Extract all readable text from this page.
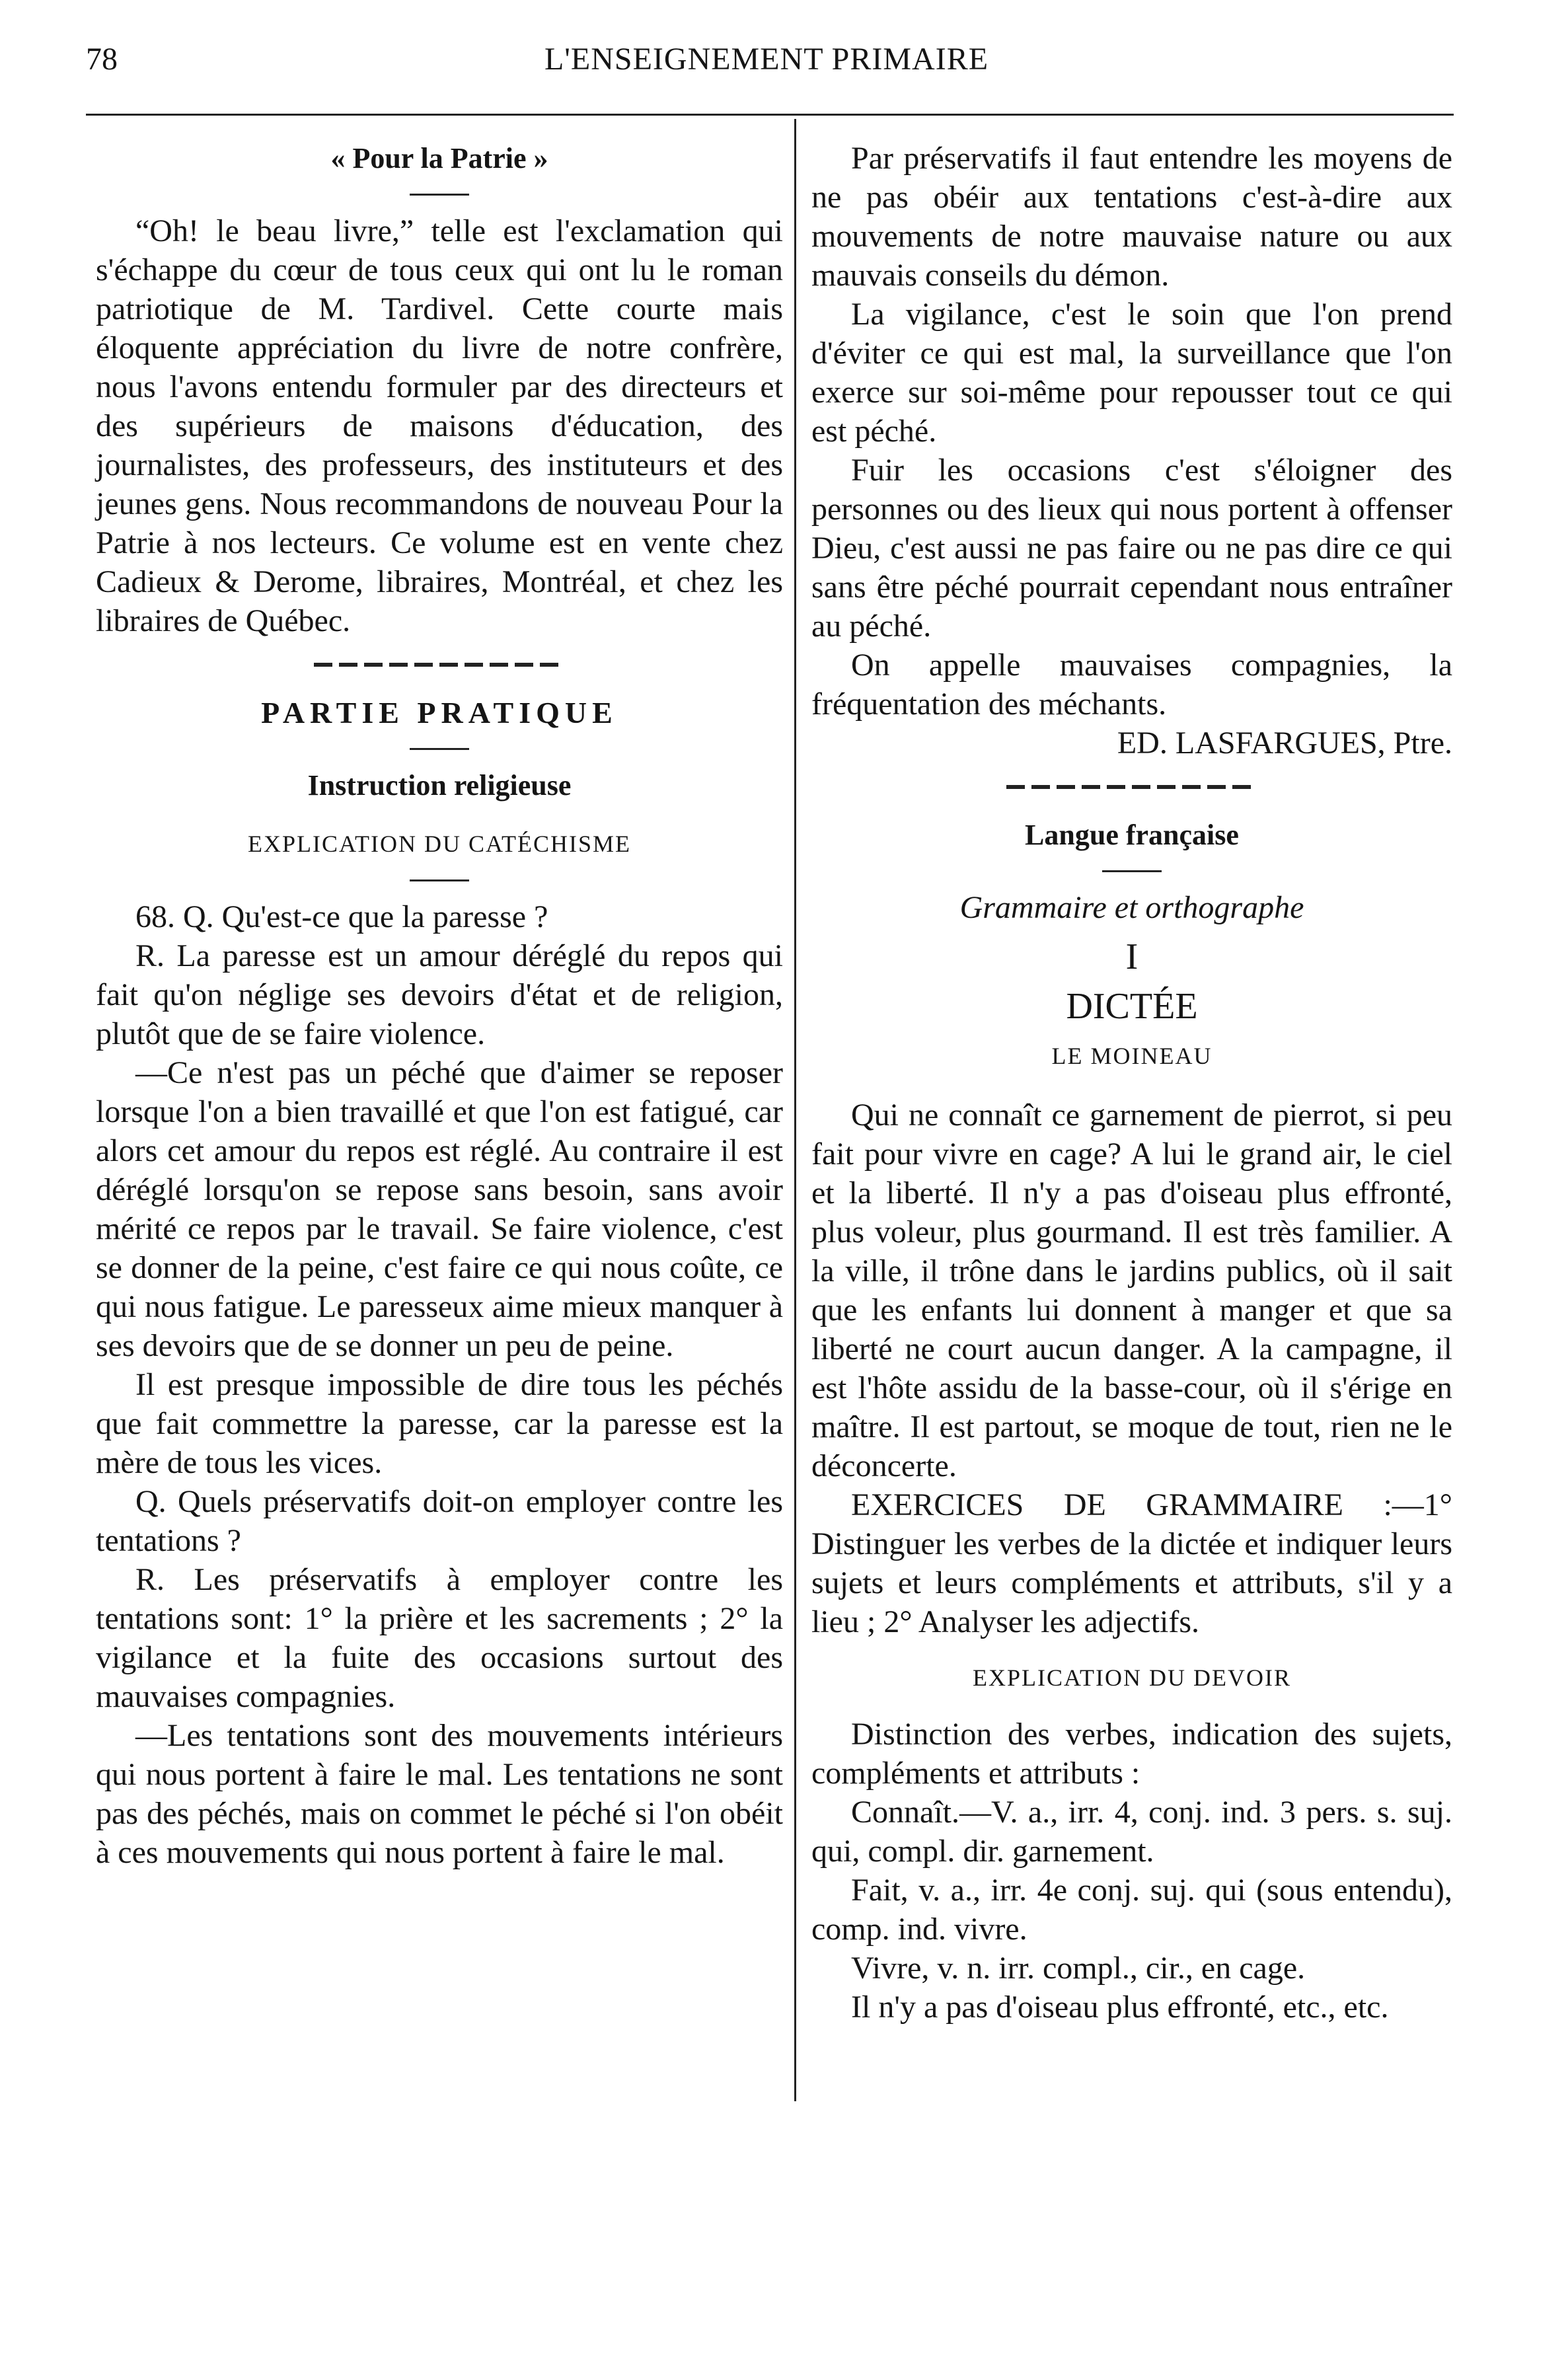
78	L'ENSEIGNEMENT PRIMAIRE

« Pour la Patrie »

“Oh! le beau livre,” telle est l'exclamation qui s'échappe du cœur de tous ceux qui ont lu le roman patriotique de M. Tardivel. Cette courte mais éloquente appréciation du livre de notre confrère, nous l'avons entendu formuler par des directeurs et des supérieurs de maisons d'éducation, des journalistes, des professeurs, des instituteurs et des jeunes gens. Nous recommandons de nouveau Pour la Patrie à nos lecteurs. Ce volume est en vente chez Cadieux & Derome, libraires, Montréal, et chez les libraires de Québec.

PARTIE PRATIQUE

Instruction religieuse

EXPLICATION DU CATÉCHISME

68. Q. Qu'est-ce que la paresse ?

R. La paresse est un amour déréglé du repos qui fait qu'on néglige ses devoirs d'état et de religion, plutôt que de se faire violence.

—Ce n'est pas un péché que d'aimer se reposer lorsque l'on a bien travaillé et que l'on est fatigué, car alors cet amour du repos est réglé. Au contraire il est déréglé lorsqu'on se repose sans besoin, sans avoir mérité ce repos par le travail. Se faire violence, c'est se donner de la peine, c'est faire ce qui nous coûte, ce qui nous fatigue. Le paresseux aime mieux manquer à ses devoirs que de se donner un peu de peine.

Il est presque impossible de dire tous les péchés que fait commettre la paresse, car la paresse est la mère de tous les vices.

Q. Quels préservatifs doit-on employer contre les tentations ?

R. Les préservatifs à employer contre les tentations sont: 1° la prière et les sacrements ; 2° la vigilance et la fuite des occasions surtout des mauvaises compagnies.

—Les tentations sont des mouvements intérieurs qui nous portent à faire le mal. Les tentations ne sont pas des péchés, mais on commet le péché si l'on obéit à ces mouvements qui nous portent à faire le mal.

Par préservatifs il faut entendre les moyens de ne pas obéir aux tentations c'est-à-dire aux mouvements de notre mauvaise nature ou aux mauvais conseils du démon.

La vigilance, c'est le soin que l'on prend d'éviter ce qui est mal, la surveillance que l'on exerce sur soi-même pour repousser tout ce qui est péché.

Fuir les occasions c'est s'éloigner des personnes ou des lieux qui nous portent à offenser Dieu, c'est aussi ne pas faire ou ne pas dire ce qui sans être péché pourrait cependant nous entraîner au péché.

On appelle mauvaises compagnies, la fréquentation des méchants.

ED. LASFARGUES, Ptre.

Langue française

Grammaire et orthographe

I

DICTÉE

LE MOINEAU

Qui ne connaît ce garnement de pierrot, si peu fait pour vivre en cage? A lui le grand air, le ciel et la liberté. Il n'y a pas d'oiseau plus effronté, plus voleur, plus gourmand. Il est très familier. A la ville, il trône dans le jardins publics, où il sait que les enfants lui donnent à manger et que sa liberté ne court aucun danger. A la campagne, il est l'hôte assidu de la basse-cour, où il s'érige en maître. Il est partout, se moque de tout, rien ne le déconcerte.

EXERCICES DE GRAMMAIRE :—1° Distinguer les verbes de la dictée et indiquer leurs sujets et leurs compléments et attributs, s'il y a lieu ; 2° Analyser les adjectifs.

EXPLICATION DU DEVOIR

Distinction des verbes, indication des sujets, compléments et attributs :

Connaît.—V. a., irr. 4, conj. ind. 3 pers. s. suj. qui, compl. dir. garnement.

Fait, v. a., irr. 4e conj. suj. qui (sous entendu), comp. ind. vivre.

Vivre, v. n. irr. compl., cir., en cage.

Il n'y a pas d'oiseau plus effronté, etc., etc.
